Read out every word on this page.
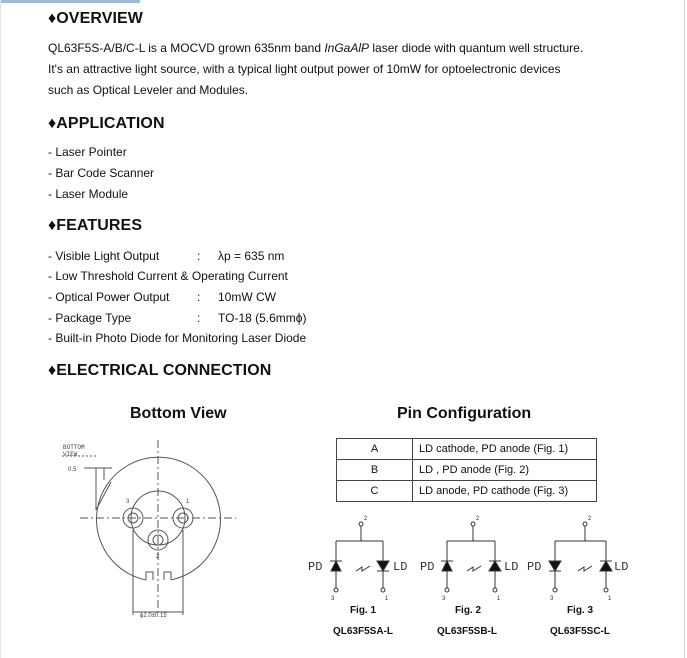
♦OVERVIEW
QL63F5S-A/B/C-L is a MOCVD grown 635nm band InGaAlP laser diode with quantum well structure.
It's an attractive light source, with a typical light output power of 10mW for optoelectronic devices
such as Optical Leveler and Modules.
♦APPLICATION
- Laser Pointer
- Bar Code Scanner
- Laser Module
♦FEATURES
- Visible Light Output	: λp = 635 nm
- Low Threshold Current & Operating Current
- Optical Power Output : 10mW CW
- Package Type	: TO-18 (5.6mmϕ)
- Built-in Photo Diode for Monitoring Laser Diode
♦ELECTRICAL CONNECTION
Bottom View	Pin Configuration
BOTTOM
VIEW
0.5
ϕ2.0±0.15
3	1
2
A	LD cathode, PD anode (Fig. 1)
B	LD , PD anode (Fig. 2)
C	LD anode, PD cathode (Fig. 3)
PD	LD PD	LD PD	LD
2
3	1
2
3	1
2
3	1
Fig. 1	Fig. 2	Fig. 3
QL63F5SA-L	QL63F5SB-L	QL63F5SC-L
